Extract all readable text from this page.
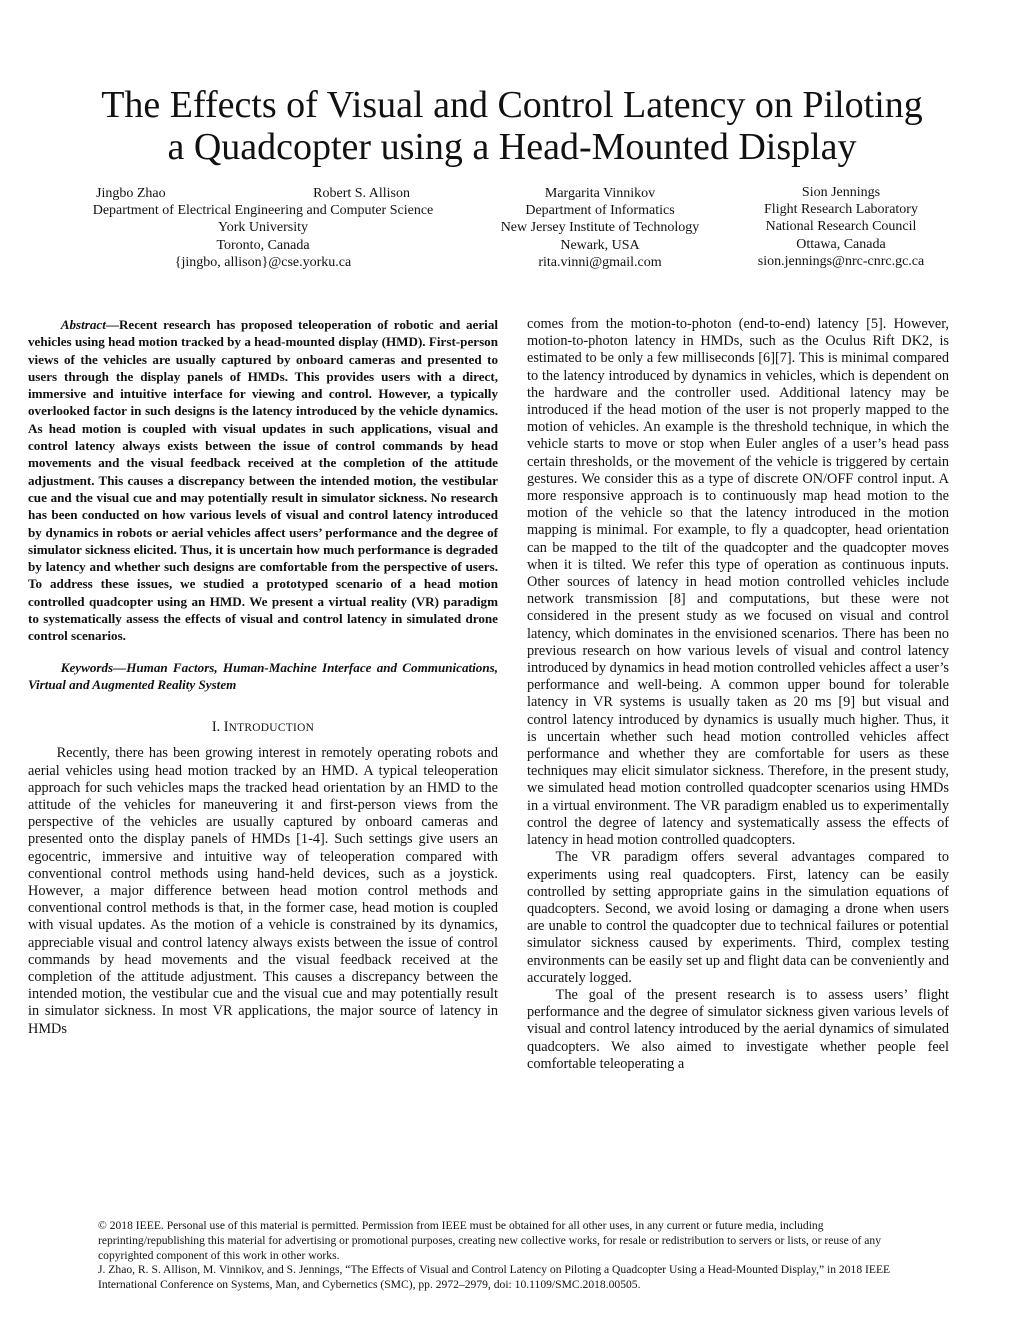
The Effects of Visual and Control Latency on Piloting
a Quadcopter using a Head-Mounted Display
Jingbo Zhao	Robert S. Allison
Department of Electrical Engineering and Computer Science
York University
Toronto, Canada
{jingbo, allison}@cse.yorku.ca
Margarita Vinnikov
Department of Informatics
New Jersey Institute of Technology
Newark, USA
rita.vinni@gmail.com
Sion Jennings
Flight Research Laboratory
National Research Council
Ottawa, Canada
sion.jennings@nrc-cnrc.gc.ca

Abstract—Recent research has proposed teleoperation of robotic and aerial vehicles using head motion tracked by a head-mounted display (HMD). First-person views of the vehicles are usually captured by onboard cameras and presented to users through the display panels of HMDs. This provides users with a direct, immersive and intuitive interface for viewing and control. However, a typically overlooked factor in such designs is the latency introduced by the vehicle dynamics. As head motion is coupled with visual updates in such applications, visual and control latency always exists between the issue of control commands by head movements and the visual feedback received at the completion of the attitude adjustment. This causes a discrepancy between the intended motion, the vestibular cue and the visual cue and may potentially result in simulator sickness. No research has been conducted on how various levels of visual and control latency introduced by dynamics in robots or aerial vehicles affect users’ performance and the degree of simulator sickness elicited. Thus, it is uncertain how much performance is degraded by latency and whether such designs are comfortable from the perspective of users. To address these issues, we studied a prototyped scenario of a head motion controlled quadcopter using an HMD. We present a virtual reality (VR) paradigm to systematically assess the effects of visual and control latency in simulated drone control scenarios.

Keywords—Human Factors, Human-Machine Interface and Communications, Virtual and Augmented Reality System

I. INTRODUCTION

Recently, there has been growing interest in remotely operating robots and aerial vehicles using head motion tracked by an HMD. A typical teleoperation approach for such vehicles maps the tracked head orientation by an HMD to the attitude of the vehicles for maneuvering it and first-person views from the perspective of the vehicles are usually captured by onboard cameras and presented onto the display panels of HMDs [1-4]. Such settings give users an egocentric, immersive and intuitive way of teleoperation compared with conventional control methods using hand-held devices, such as a joystick. However, a major difference between head motion control methods and conventional control methods is that, in the former case, head motion is coupled with visual updates. As the motion of a vehicle is constrained by its dynamics, appreciable visual and control latency always exists between the issue of control commands by head movements and the visual feedback received at the completion of the attitude adjustment. This causes a discrepancy between the intended motion, the vestibular cue and the visual cue and may potentially result in simulator sickness. In most VR applications, the major source of latency in HMDs

comes from the motion-to-photon (end-to-end) latency [5]. However, motion-to-photon latency in HMDs, such as the Oculus Rift DK2, is estimated to be only a few milliseconds [6][7]. This is minimal compared to the latency introduced by dynamics in vehicles, which is dependent on the hardware and the controller used. Additional latency may be introduced if the head motion of the user is not properly mapped to the motion of vehicles. An example is the threshold technique, in which the vehicle starts to move or stop when Euler angles of a user’s head pass certain thresholds, or the movement of the vehicle is triggered by certain gestures. We consider this as a type of discrete ON/OFF control input. A more responsive approach is to continuously map head motion to the motion of the vehicle so that the latency introduced in the motion mapping is minimal. For example, to fly a quadcopter, head orientation can be mapped to the tilt of the quadcopter and the quadcopter moves when it is tilted. We refer this type of operation as continuous inputs. Other sources of latency in head motion controlled vehicles include network transmission [8] and computations, but these were not considered in the present study as we focused on visual and control latency, which dominates in the envisioned scenarios. There has been no previous research on how various levels of visual and control latency introduced by dynamics in head motion controlled vehicles affect a user’s performance and well-being. A common upper bound for tolerable latency in VR systems is usually taken as 20 ms [9] but visual and control latency introduced by dynamics is usually much higher. Thus, it is uncertain whether such head motion controlled vehicles affect performance and whether they are comfortable for users as these techniques may elicit simulator sickness. Therefore, in the present study, we simulated head motion controlled quadcopter scenarios using HMDs in a virtual environment. The VR paradigm enabled us to experimentally control the degree of latency and systematically assess the effects of latency in head motion controlled quadcopters.

The VR paradigm offers several advantages compared to experiments using real quadcopters. First, latency can be easily controlled by setting appropriate gains in the simulation equations of quadcopters. Second, we avoid losing or damaging a drone when users are unable to control the quadcopter due to technical failures or potential simulator sickness caused by experiments. Third, complex testing environments can be easily set up and flight data can be conveniently and accurately logged.

The goal of the present research is to assess users’ flight performance and the degree of simulator sickness given various levels of visual and control latency introduced by the aerial dynamics of simulated quadcopters. We also aimed to investigate whether people feel comfortable teleoperating a

© 2018 IEEE. Personal use of this material is permitted. Permission from IEEE must be obtained for all other uses, in any current or future media, including reprinting/republishing this material for advertising or promotional purposes, creating new collective works, for resale or redistribution to servers or lists, or reuse of any copyrighted component of this work in other works.

J. Zhao, R. S. Allison, M. Vinnikov, and S. Jennings, “The Effects of Visual and Control Latency on Piloting a Quadcopter Using a Head-Mounted Display,” in 2018 IEEE International Conference on Systems, Man, and Cybernetics (SMC), pp. 2972–2979, doi: 10.1109/SMC.2018.00505.
